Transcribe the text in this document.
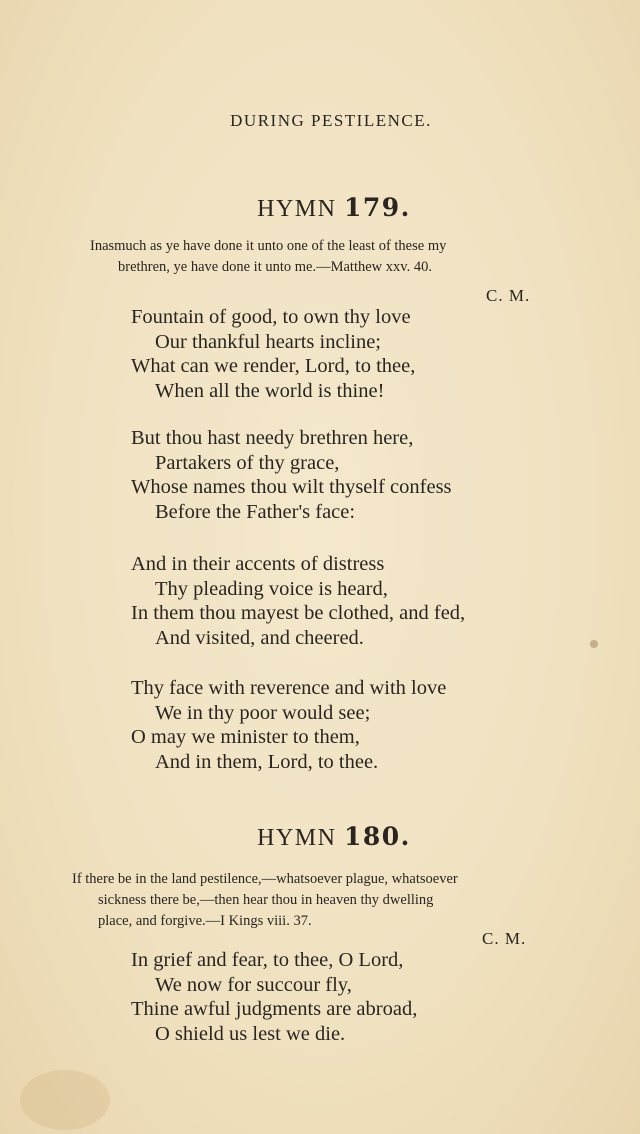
DURING PESTILENCE.
HYMN 179.
Inasmuch as ye have done it unto one of the least of these my
brethren, ye have done it unto me.—Matthew xxv. 40.
C. M.
Fountain of good, to own thy love
Our thankful hearts incline;
What can we render, Lord, to thee,
When all the world is thine!
But thou hast needy brethren here,
Partakers of thy grace,
Whose names thou wilt thyself confess
Before the Father's face:
And in their accents of distress
Thy pleading voice is heard,
In them thou mayest be clothed, and fed,
And visited, and cheered.
Thy face with reverence and with love
We in thy poor would see;
O may we minister to them,
And in them, Lord, to thee.
HYMN 180.
If there be in the land pestilence,—whatsoever plague, whatsoever
sickness there be,—then hear thou in heaven thy dwelling
place, and forgive.—I Kings viii. 37.
C. M.
In grief and fear, to thee, O Lord,
We now for succour fly,
Thine awful judgments are abroad,
O shield us lest we die.
